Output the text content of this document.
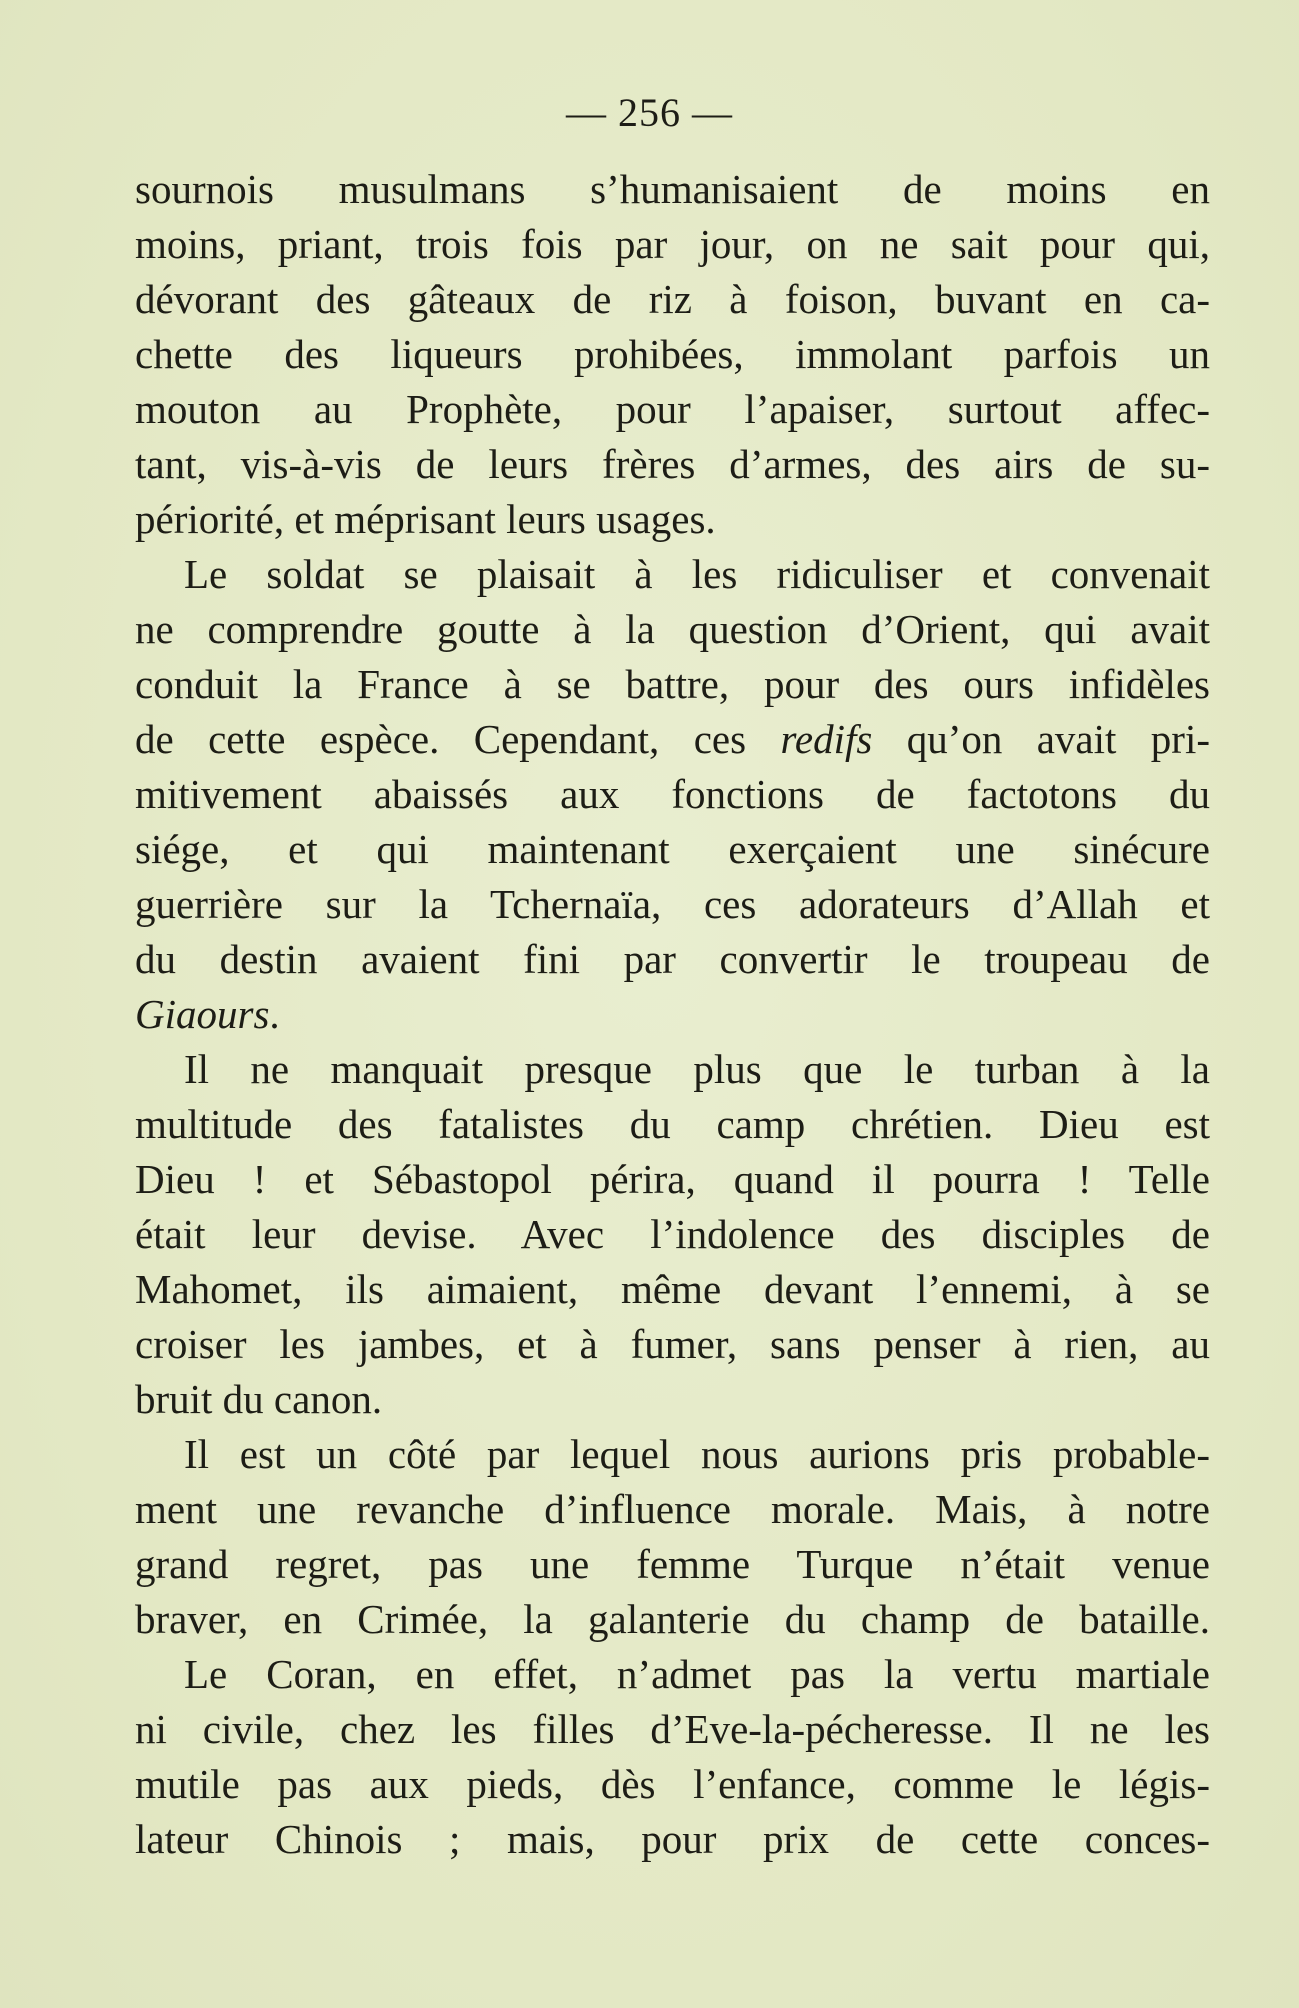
— 256 —
sournois musulmans s’humanisaient de moins en
moins, priant, trois fois par jour, on ne sait pour qui,
dévorant des gâteaux de riz à foison, buvant en ca-
chette des liqueurs prohibées, immolant parfois un
mouton au Prophète, pour l’apaiser, surtout affec-
tant, vis-à-vis de leurs frères d’armes, des airs de su-
périorité, et méprisant leurs usages.
Le soldat se plaisait à les ridiculiser et convenait
ne comprendre goutte à la question d’Orient, qui avait
conduit la France à se battre, pour des ours infidèles
de cette espèce. Cependant, ces redifs qu’on avait pri-
mitivement abaissés aux fonctions de factotons du
siége, et qui maintenant exerçaient une sinécure
guerrière sur la Tchernaïa, ces adorateurs d’Allah et
du destin avaient fini par convertir le troupeau de
Giaours.
Il ne manquait presque plus que le turban à la
multitude des fatalistes du camp chrétien. Dieu est
Dieu ! et Sébastopol périra, quand il pourra ! Telle
était leur devise. Avec l’indolence des disciples de
Mahomet, ils aimaient, même devant l’ennemi, à se
croiser les jambes, et à fumer, sans penser à rien, au
bruit du canon.
Il est un côté par lequel nous aurions pris probable-
ment une revanche d’influence morale. Mais, à notre
grand regret, pas une femme Turque n’était venue
braver, en Crimée, la galanterie du champ de bataille.
Le Coran, en effet, n’admet pas la vertu martiale
ni civile, chez les filles d’Eve-la-pécheresse. Il ne les
mutile pas aux pieds, dès l’enfance, comme le légis-
lateur Chinois ; mais, pour prix de cette conces-
